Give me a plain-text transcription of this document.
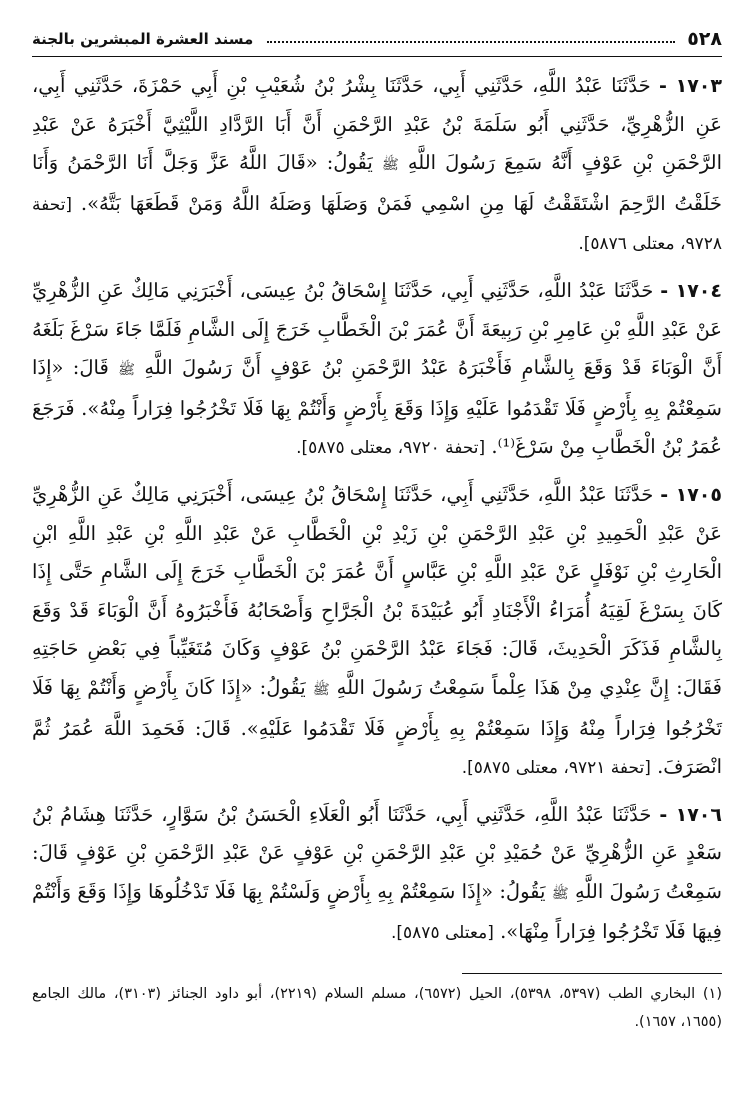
٥٢٨
مسند العشرة المبشرين بالجنة

١٧٠٣ - حَدَّثَنَا عَبْدُ اللَّهِ، حَدَّثَنِي أَبِي، حَدَّثَنَا بِشْرُ بْنُ شُعَيْبِ بْنِ أَبِي حَمْزَةَ، حَدَّثَنِي أَبِي، عَنِ الزُّهْرِيِّ، حَدَّثَنِي أَبُو سَلَمَةَ بْنُ عَبْدِ الرَّحْمَنِ أَنَّ أَبَا الرَّدَّادِ اللَّيْثِيَّ أَخْبَرَهُ عَنْ عَبْدِ الرَّحْمَنِ بْنِ عَوْفٍ أَنَّهُ سَمِعَ رَسُولَ اللَّهِ ﷺ يَقُولُ: «قَالَ اللَّهُ عَزَّ وَجَلَّ أَنَا الرَّحْمَنُ وَأَنَا خَلَقْتُ الرَّحِمَ اشْتَقَقْتُ لَهَا مِنِ اسْمِي فَمَنْ وَصَلَهَا وَصَلَهُ اللَّهُ وَمَنْ قَطَعَهَا بَتَّهُ». [تحفة ٩٧٢٨، معتلى ٥٨٧٦].

١٧٠٤ - حَدَّثَنَا عَبْدُ اللَّهِ، حَدَّثَنِي أَبِي، حَدَّثَنَا إِسْحَاقُ بْنُ عِيسَى، أَخْبَرَنِي مَالِكٌ عَنِ الزُّهْرِيِّ عَنْ عَبْدِ اللَّهِ بْنِ عَامِرِ بْنِ رَبِيعَةَ أَنَّ عُمَرَ بْنَ الْخَطَّابِ خَرَجَ إِلَى الشَّامِ فَلَمَّا جَاءَ سَرْغَ بَلَغَهُ أَنَّ الْوَبَاءَ قَدْ وَقَعَ بِالشَّامِ فَأَخْبَرَهُ عَبْدُ الرَّحْمَنِ بْنُ عَوْفٍ أَنَّ رَسُولَ اللَّهِ ﷺ قَالَ: «إِذَا سَمِعْتُمْ بِهِ بِأَرْضٍ فَلَا تَقْدَمُوا عَلَيْهِ وَإِذَا وَقَعَ بِأَرْضٍ وَأَنْتُمْ بِهَا فَلَا تَخْرُجُوا فِرَاراً مِنْهُ». فَرَجَعَ عُمَرُ بْنُ الْخَطَّابِ مِنْ سَرْغَ⁽¹⁾. [تحفة ٩٧٢٠، معتلى ٥٨٧٥].

١٧٠٥ - حَدَّثَنَا عَبْدُ اللَّهِ، حَدَّثَنِي أَبِي، حَدَّثَنَا إِسْحَاقُ بْنُ عِيسَى، أَخْبَرَنِي مَالِكٌ عَنِ الزُّهْرِيِّ عَنْ عَبْدِ الْحَمِيدِ بْنِ عَبْدِ الرَّحْمَنِ بْنِ زَيْدِ بْنِ الْخَطَّابِ عَنْ عَبْدِ اللَّهِ بْنِ عَبْدِ اللَّهِ ابْنِ الْحَارِثِ بْنِ نَوْفَلٍ عَنْ عَبْدِ اللَّهِ بْنِ عَبَّاسٍ أَنَّ عُمَرَ بْنَ الْخَطَّابِ خَرَجَ إِلَى الشَّامِ حَتَّى إِذَا كَانَ بِسَرْغَ لَقِيَهُ أُمَرَاءُ الْأَجْنَادِ أَبُو عُبَيْدَةَ بْنُ الْجَرَّاحِ وَأَصْحَابُهُ فَأَخْبَرُوهُ أَنَّ الْوَبَاءَ قَدْ وَقَعَ بِالشَّامِ فَذَكَرَ الْحَدِيثَ، قَالَ: فَجَاءَ عَبْدُ الرَّحْمَنِ بْنُ عَوْفٍ وَكَانَ مُتَغَيِّباً فِي بَعْضِ حَاجَتِهِ فَقَالَ: إِنَّ عِنْدِي مِنْ هَذَا عِلْماً سَمِعْتُ رَسُولَ اللَّهِ ﷺ يَقُولُ: «إِذَا كَانَ بِأَرْضٍ وَأَنْتُمْ بِهَا فَلَا تَخْرُجُوا فِرَاراً مِنْهُ وَإِذَا سَمِعْتُمْ بِهِ بِأَرْضٍ فَلَا تَقْدَمُوا عَلَيْهِ». قَالَ: فَحَمِدَ اللَّهَ عُمَرُ ثُمَّ انْصَرَفَ. [تحفة ٩٧٢١، معتلى ٥٨٧٥].

١٧٠٦ - حَدَّثَنَا عَبْدُ اللَّهِ، حَدَّثَنِي أَبِي، حَدَّثَنَا أَبُو الْعَلَاءِ الْحَسَنُ بْنُ سَوَّارٍ، حَدَّثَنَا هِشَامُ بْنُ سَعْدٍ عَنِ الزُّهْرِيِّ عَنْ حُمَيْدِ بْنِ عَبْدِ الرَّحْمَنِ بْنِ عَوْفٍ عَنْ عَبْدِ الرَّحْمَنِ بْنِ عَوْفٍ قَالَ: سَمِعْتُ رَسُولَ اللَّهِ ﷺ يَقُولُ: «إِذَا سَمِعْتُمْ بِهِ بِأَرْضٍ وَلَسْتُمْ بِهَا فَلَا تَدْخُلُوهَا وَإِذَا وَقَعَ وَأَنْتُمْ فِيهَا فَلَا تَخْرُجُوا فِرَاراً مِنْهَا». [معتلى ٥٨٧٥].

(١) البخاري الطب (٥٣٩٧، ٥٣٩٨)، الحيل (٦٥٧٢)، مسلم السلام (٢٢١٩)، أبو داود الجنائز (٣١٠٣)، مالك الجامع (١٦٥٥، ١٦٥٧).
